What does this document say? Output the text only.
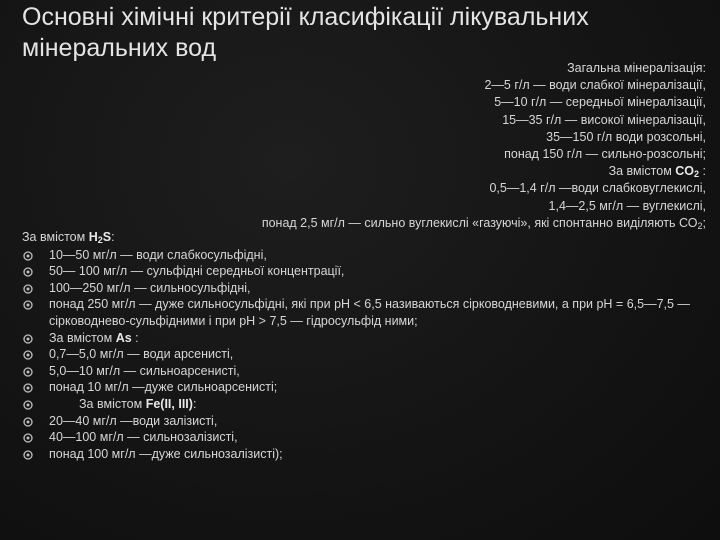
Основні хімічні критерії класифікації лікувальних мінеральних вод
Загальна мінералізація:
2—5 г/л — води слабкої мінералізації,
5—10 г/л — середньої мінералізації,
15—35 г/л — високої мінералізації,
35—150 г/л води розсольні,
понад 150 г/л — сильно-розсольні;
За вмістом $CO_2$ :
0,5—1,4 г/л —води слабковуглекислі,
1,4—2,5 мг/л — вуглекислі,
понад 2,5 мг/л — сильно вуглекислі «газуючі», які спонтанно виділяють $СО_2$;
За вмістом $H_2S$:
10—50 мг/л — води слабкосульфідні,
50— 100 мг/л — сульфідні середньої концентрації,
100—250 мг/л — сильносульфідні,
понад 250 мг/л — дуже сильносульфідні, які при рН < 6,5 називаються сірководневими, а при рН = 6,5—7,5 — сірководнево-сульфідними і при рН > 7,5 — гідросульфід ними;
За вмістом As :
0,7—5,0 мг/л — води арсенисті,
5,0—10 мг/л — сильноарсенисті,
понад 10 мг/л —дуже сильноарсенисті;
За вмістом Fe(II, III):
20—40 мг/л —води залізисті,
40—100 мг/л — сильнозалізисті,
понад 100 мг/л —дуже сильнозалізисті);
